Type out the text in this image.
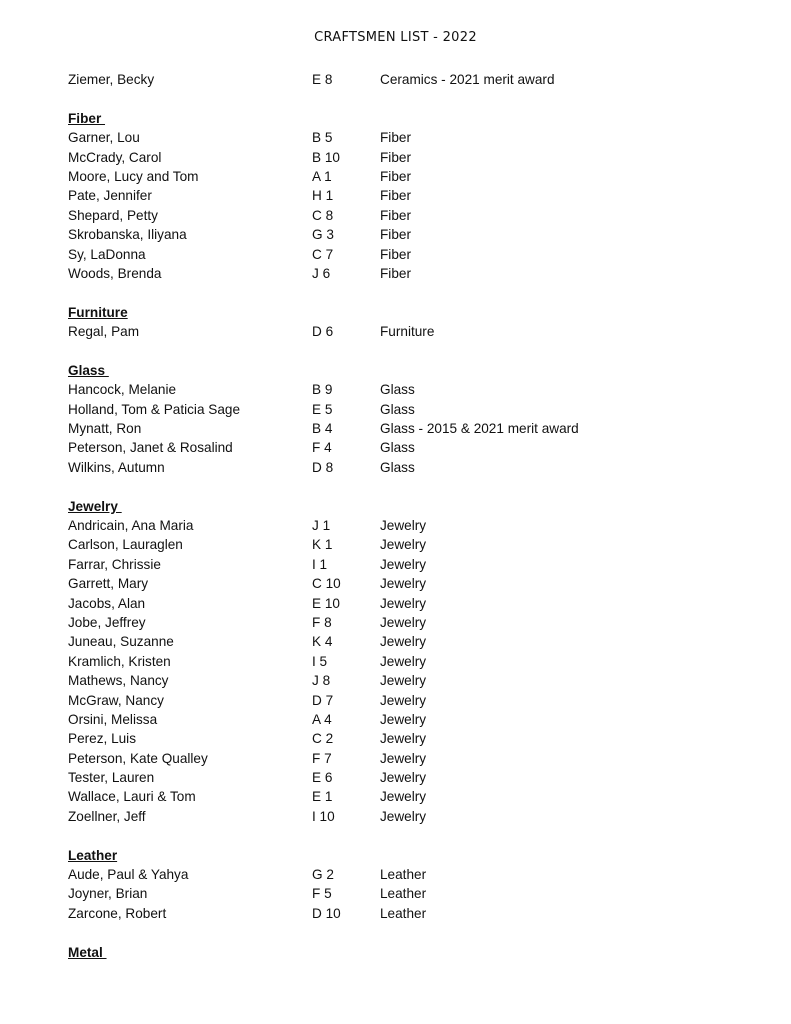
CRAFTSMEN LIST - 2022
Ziemer, Becky	E 8	Ceramics - 2021 merit award
Fiber
Garner, Lou	B 5	Fiber
McCrady, Carol	B 10	Fiber
Moore, Lucy and Tom	A 1	Fiber
Pate, Jennifer	H 1	Fiber
Shepard, Petty	C 8	Fiber
Skrobanska, Iliyana	G 3	Fiber
Sy, LaDonna	C 7	Fiber
Woods, Brenda	J 6	Fiber
Furniture
Regal, Pam	D 6	Furniture
Glass
Hancock, Melanie	B 9	Glass
Holland, Tom & Paticia Sage	E 5	Glass
Mynatt, Ron	B 4	Glass - 2015 & 2021 merit award
Peterson, Janet & Rosalind	F 4	Glass
Wilkins, Autumn	D 8	Glass
Jewelry
Andricain, Ana Maria	J 1	Jewelry
Carlson, Lauraglen	K 1	Jewelry
Farrar, Chrissie	I 1	Jewelry
Garrett, Mary	C 10	Jewelry
Jacobs, Alan	E 10	Jewelry
Jobe, Jeffrey	F 8	Jewelry
Juneau, Suzanne	K 4	Jewelry
Kramlich, Kristen	I 5	Jewelry
Mathews, Nancy	J 8	Jewelry
McGraw, Nancy	D 7	Jewelry
Orsini, Melissa	A 4	Jewelry
Perez, Luis	C 2	Jewelry
Peterson, Kate Qualley	F 7	Jewelry
Tester, Lauren	E 6	Jewelry
Wallace, Lauri & Tom	E 1	Jewelry
Zoellner, Jeff	I 10	Jewelry
Leather
Aude, Paul & Yahya	G 2	Leather
Joyner, Brian	F 5	Leather
Zarcone, Robert	D 10	Leather
Metal
